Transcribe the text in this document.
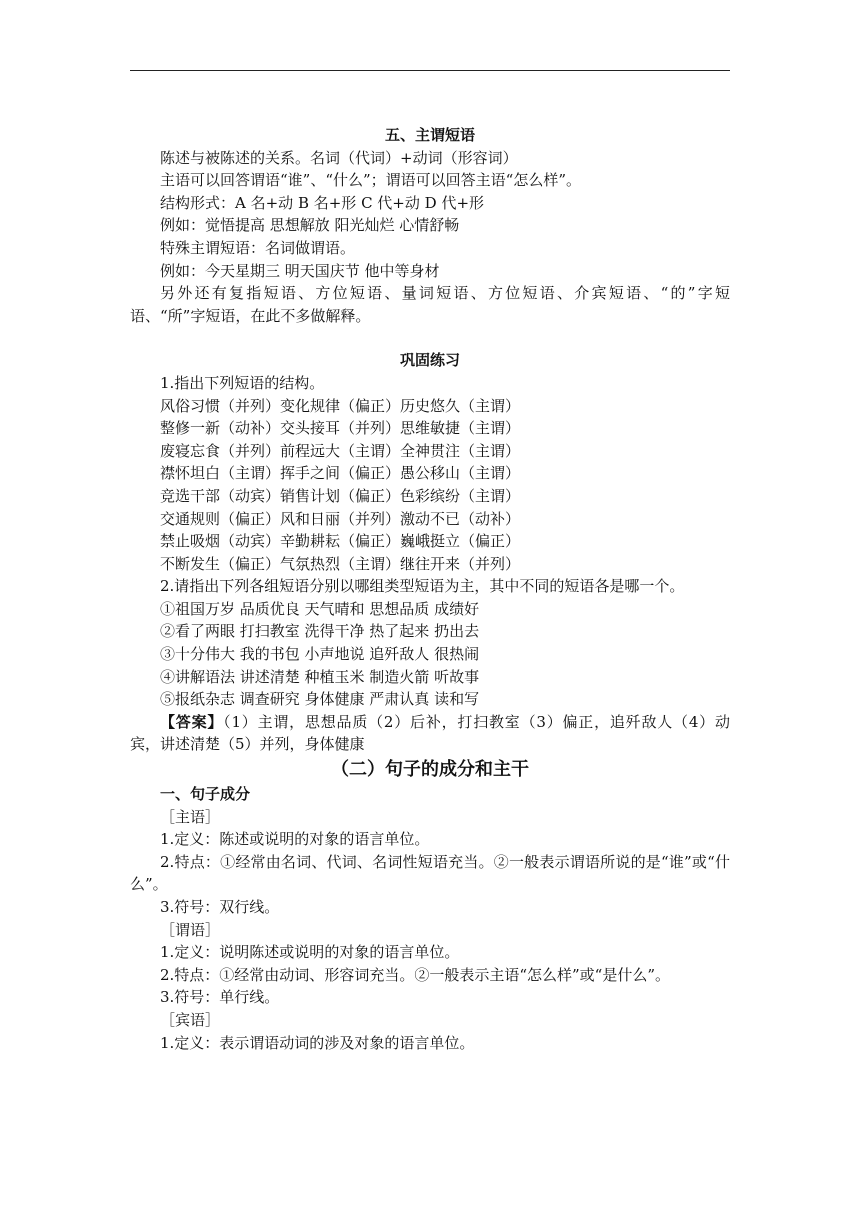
五、主谓短语

陈述与被陈述的关系。名词（代词）+动词（形容词）

主语可以回答谓语“谁”、“什么”；谓语可以回答主语“怎么样”。

结构形式：A 名+动 B 名+形 C 代+动 D 代+形

例如：觉悟提高 思想解放 阳光灿烂 心情舒畅

特殊主谓短语：名词做谓语。

例如：今天星期三 明天国庆节 他中等身材

另外还有复指短语、方位短语、量词短语、方位短语、介宾短语、“的”字短语、“所”字短语，在此不多做解释。

巩固练习

1.指出下列短语的结构。

风俗习惯（并列）变化规律（偏正）历史悠久（主谓）

整修一新（动补）交头接耳（并列）思维敏捷（主谓）

废寝忘食（并列）前程远大（主谓）全神贯注（主谓）

襟怀坦白（主谓）挥手之间（偏正）愚公移山（主谓）

竞选干部（动宾）销售计划（偏正）色彩缤纷（主谓）

交通规则（偏正）风和日丽（并列）激动不已（动补）

禁止吸烟（动宾）辛勤耕耘（偏正）巍峨挺立（偏正）

不断发生（偏正）气氛热烈（主谓）继往开来（并列）

2.请指出下列各组短语分别以哪组类型短语为主，其中不同的短语各是哪一个。

①祖国万岁 品质优良 天气晴和 思想品质 成绩好

②看了两眼 打扫教室 洗得干净 热了起来 扔出去

③十分伟大 我的书包 小声地说 追歼敌人 很热闹

④讲解语法 讲述清楚 种植玉米 制造火箭 听故事

⑤报纸杂志 调查研究 身体健康 严肃认真 读和写

【答案】（1）主谓，思想品质（2）后补，打扫教室（3）偏正，追歼敌人（4）动宾，讲述清楚（5）并列，身体健康

（二）句子的成分和主干
一、句子成分

［主语］

1.定义：陈述或说明的对象的语言单位。

2.特点：①经常由名词、代词、名词性短语充当。②一般表示谓语所说的是“谁”或“什么”。

3.符号：双行线。

［谓语］

1.定义：说明陈述或说明的对象的语言单位。

2.特点：①经常由动词、形容词充当。②一般表示主语“怎么样”或“是什么”。

3.符号：单行线。

［宾语］

1.定义：表示谓语动词的涉及对象的语言单位。
